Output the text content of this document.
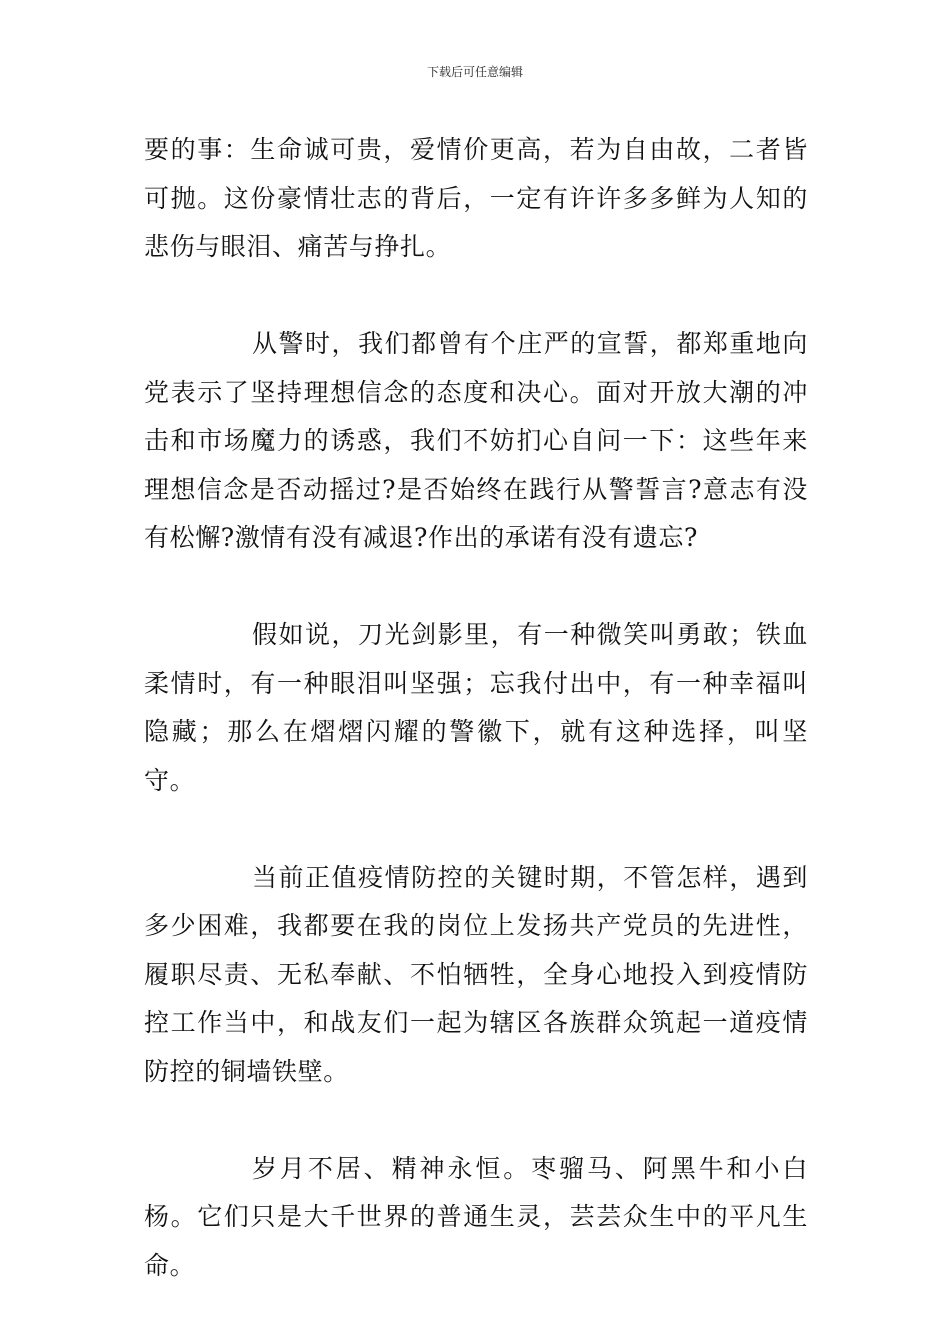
下载后可任意编辑

要的事：生命诚可贵，爱情价更高，若为自由故，二者皆可抛。这份豪情壮志的背后，一定有许许多多鲜为人知的悲伤与眼泪、痛苦与挣扎。

从警时，我们都曾有个庄严的宣誓，都郑重地向党表示了坚持理想信念的态度和决心。面对开放大潮的冲击和市场魔力的诱惑，我们不妨扪心自问一下：这些年来理想信念是否动摇过?是否始终在践行从警誓言?意志有没有松懈?激情有没有减退?作出的承诺有没有遗忘?

假如说，刀光剑影里，有一种微笑叫勇敢；铁血柔情时，有一种眼泪叫坚强；忘我付出中，有一种幸福叫隐藏；那么在熠熠闪耀的警徽下，就有这种选择，叫坚守。

当前正值疫情防控的关键时期，不管怎样，遇到多少困难，我都要在我的岗位上发扬共产党员的先进性，履职尽责、无私奉献、不怕牺牲，全身心地投入到疫情防控工作当中，和战友们一起为辖区各族群众筑起一道疫情防控的铜墙铁壁。

岁月不居、精神永恒。枣骝马、阿黑牛和小白杨。它们只是大千世界的普通生灵，芸芸众生中的平凡生命。
